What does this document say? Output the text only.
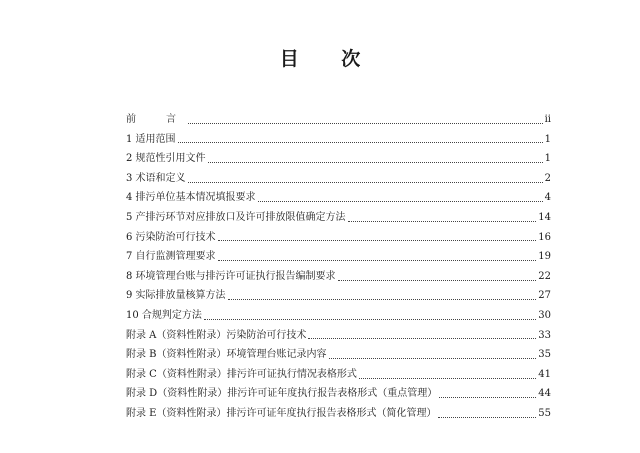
目 次
前　言	ii
1 适用范围	1
2 规范性引用文件	1
3 术语和定义	2
4 排污单位基本情况填报要求	4
5 产排污环节对应排放口及许可排放限值确定方法	14
6 污染防治可行技术	16
7 自行监测管理要求	19
8 环境管理台账与排污许可证执行报告编制要求	22
9 实际排放量核算方法	27
10 合规判定方法	30
附录 A（资料性附录）污染防治可行技术	33
附录 B（资料性附录）环境管理台账记录内容	35
附录 C（资料性附录）排污许可证执行情况表格形式	41
附录 D（资料性附录）排污许可证年度执行报告表格形式（重点管理）	44
附录 E（资料性附录）排污许可证年度执行报告表格形式（简化管理）	55
